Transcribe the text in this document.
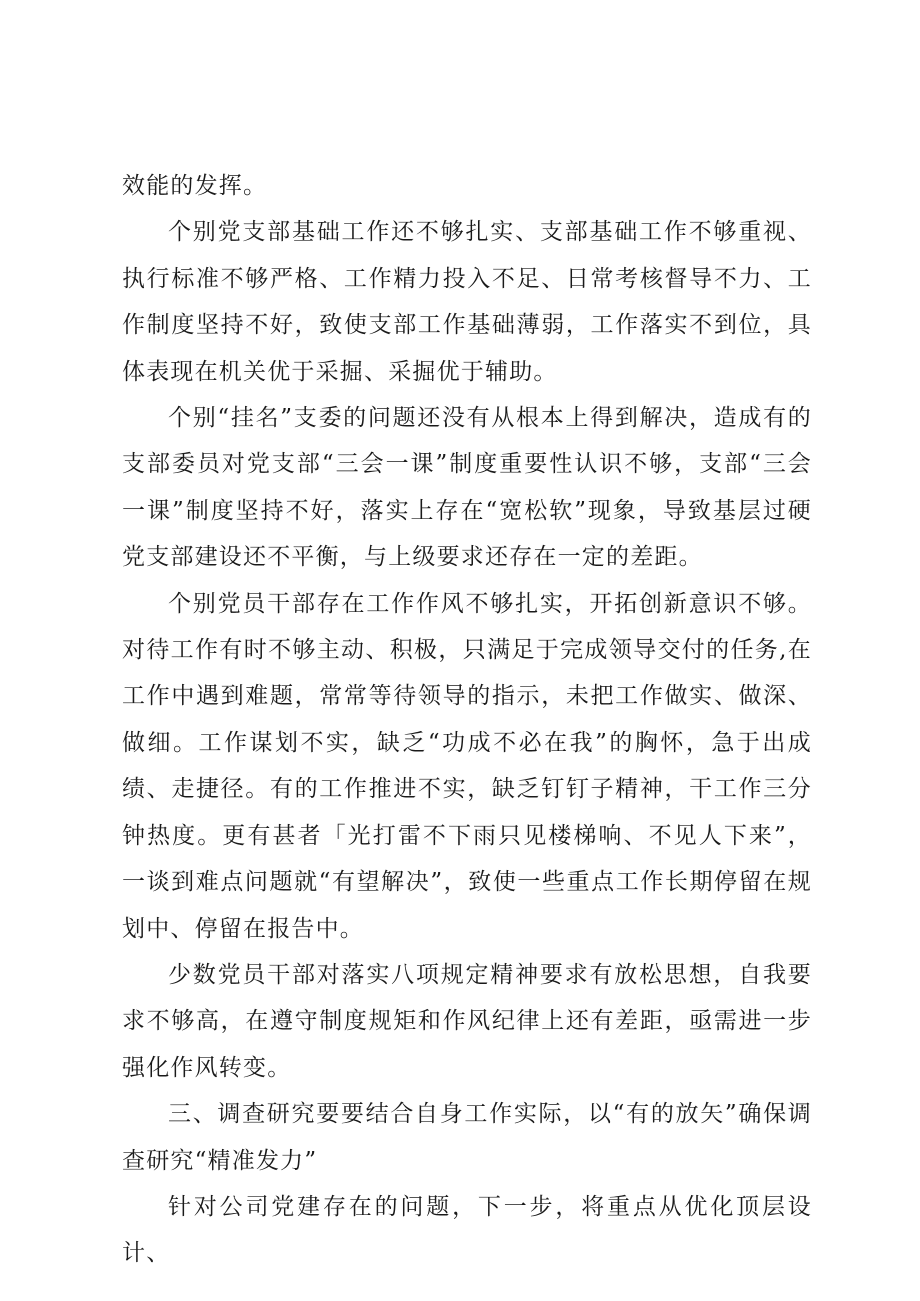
效能的发挥。

个别党支部基础工作还不够扎实、支部基础工作不够重视、执行标准不够严格、工作精力投入不足、日常考核督导不力、工作制度坚持不好，致使支部工作基础薄弱，工作落实不到位，具体表现在机关优于采掘、采掘优于辅助。

个别“挂名”支委的问题还没有从根本上得到解决，造成有的支部委员对党支部“三会一课”制度重要性认识不够，支部“三会一课”制度坚持不好，落实上存在“宽松软”现象，导致基层过硬党支部建设还不平衡，与上级要求还存在一定的差距。

个别党员干部存在工作作风不够扎实，开拓创新意识不够。对待工作有时不够主动、积极，只满足于完成领导交付的任务,在工作中遇到难题，常常等待领导的指示，未把工作做实、做深、做细。工作谋划不实，缺乏“功成不必在我”的胸怀，急于出成绩、走捷径。有的工作推进不实，缺乏钉钉子精神，干工作三分钟热度。更有甚者「光打雷不下雨只见楼梯响、不见人下来”，一谈到难点问题就“有望解决”，致使一些重点工作长期停留在规划中、停留在报告中。

少数党员干部对落实八项规定精神要求有放松思想，自我要求不够高，在遵守制度规矩和作风纪律上还有差距，亟需进一步强化作风转变。

三、调查研究要要结合自身工作实际，以“有的放矢”确保调查研究“精准发力”

针对公司党建存在的问题，下一步，将重点从优化顶层设计、
